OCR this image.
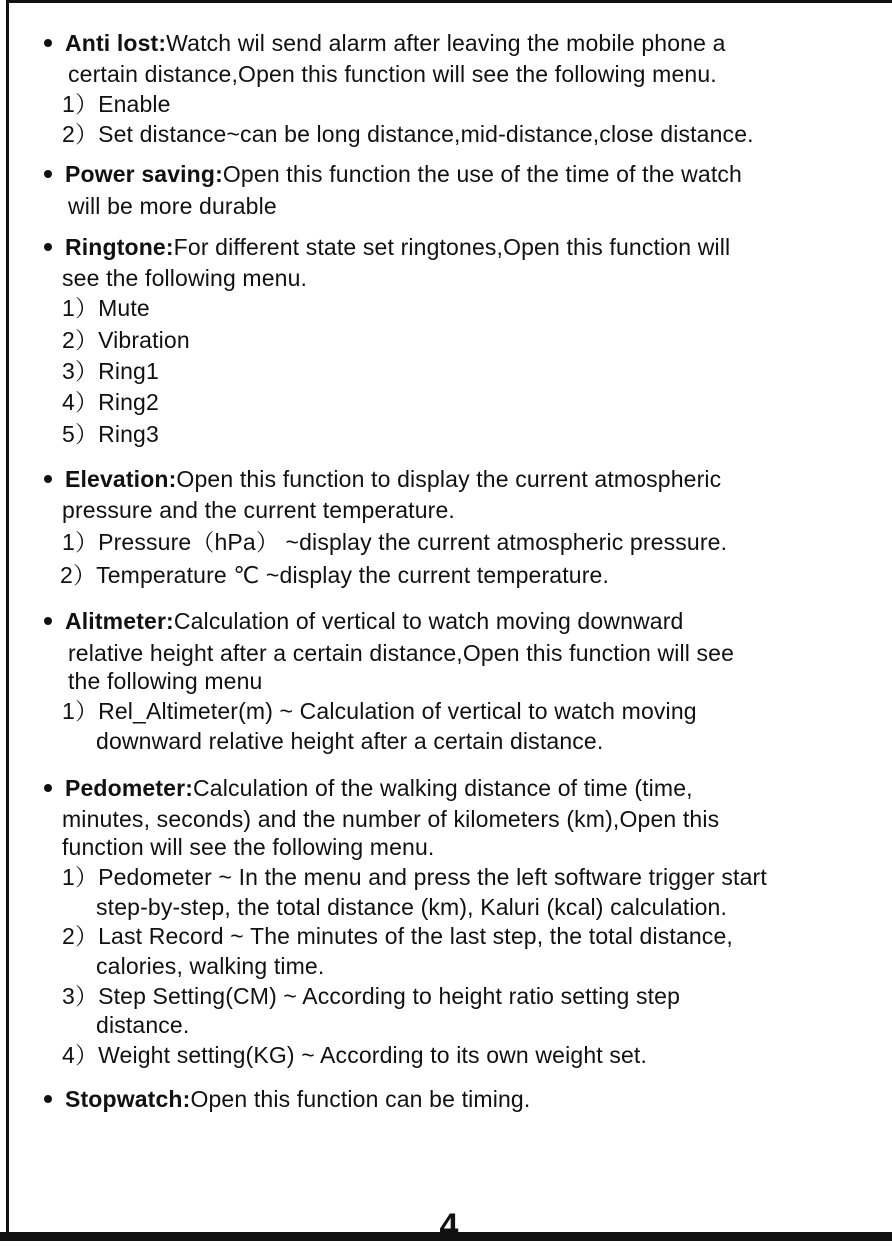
Anti lost:Watch wil send alarm after leaving the mobile phone a
certain distance,Open this function will see the following menu.
1）Enable
2）Set distance~can be long distance,mid-distance,close distance.
Power saving:Open this function the use of the time of the watch
will be more durable
Ringtone:For different state set ringtones,Open this function will
see the following menu.
1）Mute
2）Vibration
3）Ring1
4）Ring2
5）Ring3
Elevation:Open this function to display the current atmospheric
pressure and the current temperature.
1）Pressure（hPa） ~display the current atmospheric pressure.
2）Temperature ℃ ~display the current temperature.
Alitmeter:Calculation of vertical to watch moving downward
relative height after a certain distance,Open this function will see
the following menu
1）Rel_Altimeter(m) ~ Calculation of vertical to watch moving
downward relative height after a certain distance.
Pedometer:Calculation of the walking distance of time (time,
minutes, seconds) and the number of kilometers (km),Open this
function will see the following menu.
1）Pedometer ~ In the menu and press the left software trigger start
step-by-step, the total distance (km), Kaluri (kcal) calculation.
2）Last Record ~ The minutes of the last step, the total distance,
calories, walking time.
3）Step Setting(CM) ~ According to height ratio setting step
distance.
4）Weight setting(KG) ~ According to its own weight set.
Stopwatch:Open this function can be timing.
4
